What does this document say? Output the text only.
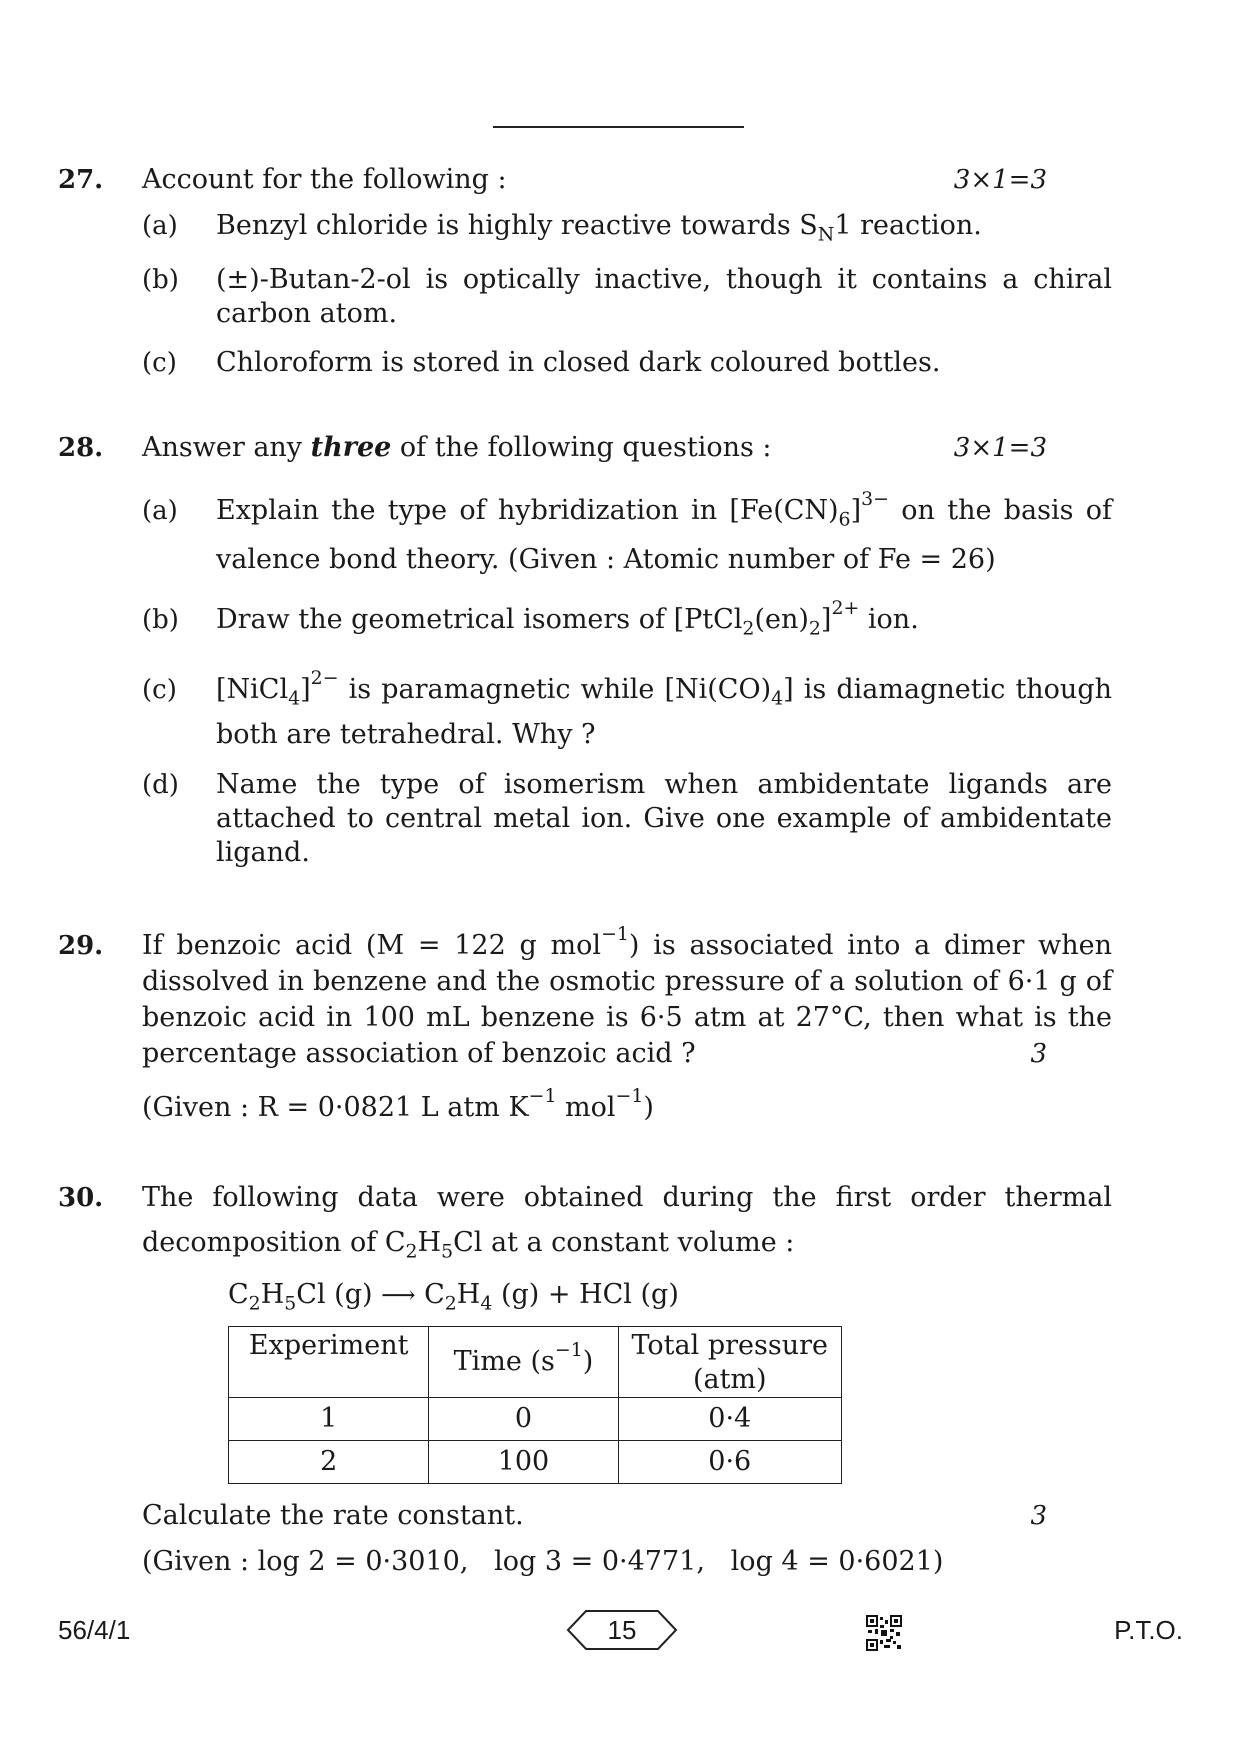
27. Account for the following :	3×1=3
(a) Benzyl chloride is highly reactive towards $S_N1$ reaction.
(b) (±)-Butan-2-ol is optically inactive, though it contains a chiral
carbon atom.
(c) Chloroform is stored in closed dark coloured bottles.
28. Answer any three of the following questions :	3×1=3
(a) Explain the type of hybridization in $[Fe(CN)_6]^{3-}$ on the basis of
valence bond theory. (Given : Atomic number of Fe = 26)
(b) Draw the geometrical isomers of $[PtCl_2(en)_2]^{2+}$ ion.
(c) [NiCl$_4$]$^{2-}$ is paramagnetic while $[Ni(CO)_4]$ is diamagnetic though
both are tetrahedral. Why ?
(d) Name the type of isomerism when ambidentate ligands are
attached to central metal ion. Give one example of ambidentate
ligand.
29. If benzoic acid (M = 122 g mol$^{-1}$) is associated into a dimer when
dissolved in benzene and the osmotic pressure of a solution of 6·1 g of
benzoic acid in 100 mL benzene is 6·5 atm at 27°C, then what is the
percentage association of benzoic acid ?	3
(Given : R = 0·0821 L atm $K^{-1}$ mol$^{-1}$)
30. The following data were obtained during the first order thermal
decomposition of $C_2H_5Cl$ at a constant volume :
$C_2H_5Cl$ (g) ⟶ $C_2H_4$ (g) + HCl (g)
Experiment	Time $(s^{-1})$	Total pressure
(atm)
1	0	0·4
2	100	0·6
Calculate the rate constant.	3
(Given : log 2 = 0·3010,   log 3 = 0·4771,   log 4 = 0·6021)
56/4/1	15	P.T.O.
